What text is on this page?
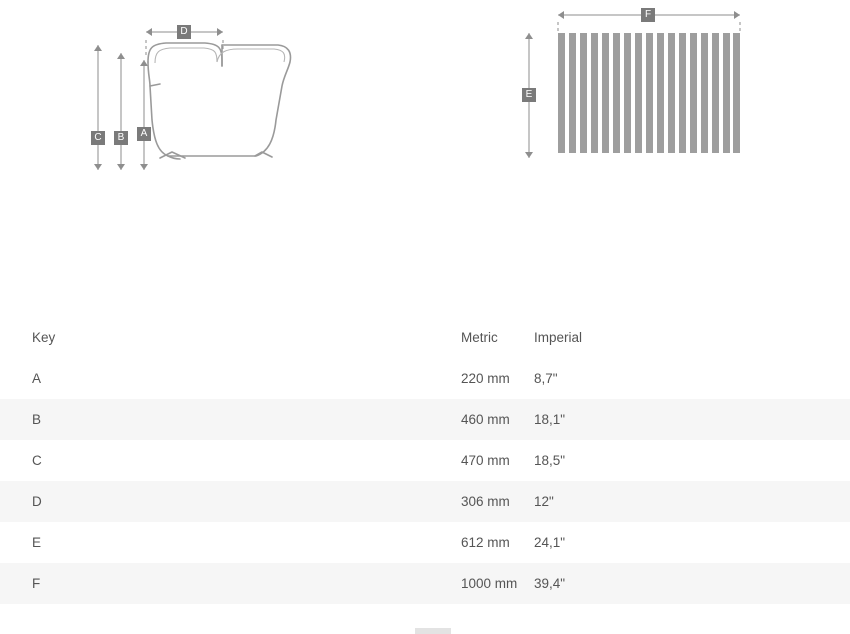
D
C	B	A
F
E
Key	Metric	Imperial
A	220 mm	8,7"
B	460 mm	18,1"
C	470 mm	18,5"
D	306 mm	12"
E	612 mm	24,1"
F	1000 mm	39,4"
